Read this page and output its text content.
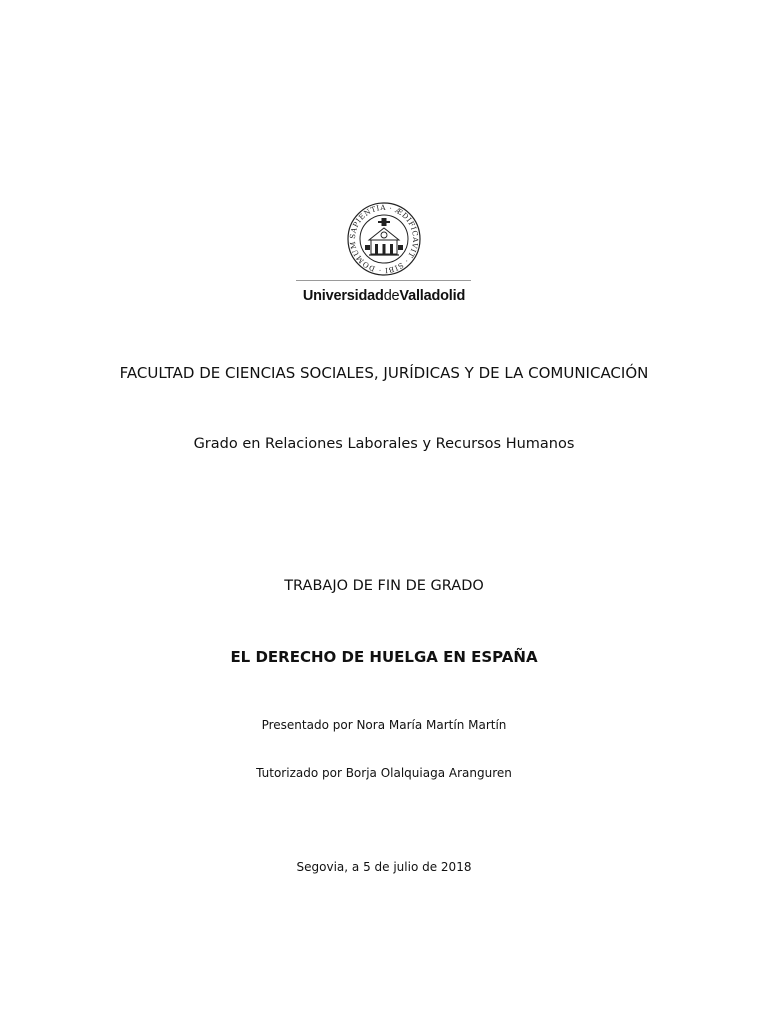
SAPIENTIA · ÆDIFICAVIT · SIBI · DOMUM
UniversidaddeValladolid
FACULTAD DE CIENCIAS SOCIALES, JURÍDICAS Y DE LA COMUNICACIÓN
Grado en Relaciones Laborales y Recursos Humanos
TRABAJO DE FIN DE GRADO
EL DERECHO DE HUELGA EN ESPAÑA
Presentado por Nora María Martín Martín
Tutorizado por Borja Olalquiaga Aranguren
Segovia, a 5 de julio de 2018
